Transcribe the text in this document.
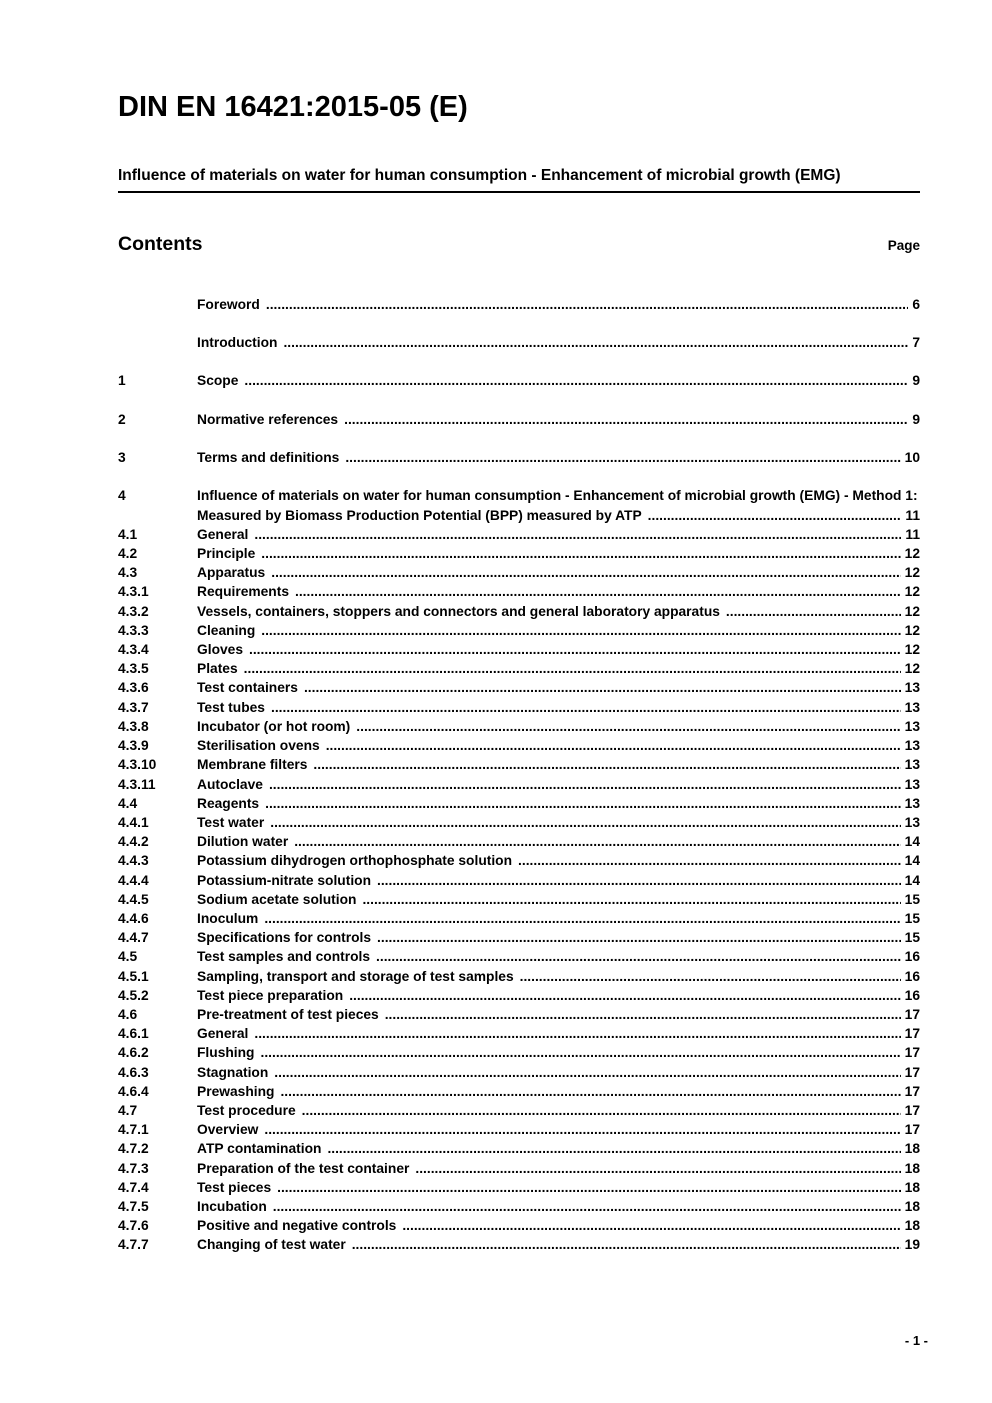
DIN EN 16421:2015-05 (E)
Influence of materials on water for human consumption - Enhancement of microbial growth (EMG)
Contents	Page
Foreword .....	6
Introduction .....	7
1	Scope .....	9
2	Normative references .....	9
3	Terms and definitions .....	10
4	Influence of materials on water for human consumption - Enhancement of microbial growth (EMG) - Method 1: Measured by Biomass Production Potential (BPP) measured by ATP .....	11
4.1	General .....	11
4.2	Principle .....	12
4.3	Apparatus .....	12
4.3.1	Requirements .....	12
4.3.2	Vessels, containers, stoppers and connectors and general laboratory apparatus .....	12
4.3.3	Cleaning .....	12
4.3.4	Gloves .....	12
4.3.5	Plates .....	12
4.3.6	Test containers .....	13
4.3.7	Test tubes .....	13
4.3.8	Incubator (or hot room) .....	13
4.3.9	Sterilisation ovens .....	13
4.3.10	Membrane filters .....	13
4.3.11	Autoclave .....	13
4.4	Reagents .....	13
4.4.1	Test water .....	13
4.4.2	Dilution water .....	14
4.4.3	Potassium dihydrogen orthophosphate solution .....	14
4.4.4	Potassium-nitrate solution .....	14
4.4.5	Sodium acetate solution .....	15
4.4.6	Inoculum .....	15
4.4.7	Specifications for controls .....	15
4.5	Test samples and controls .....	16
4.5.1	Sampling, transport and storage of test samples .....	16
4.5.2	Test piece preparation .....	16
4.6	Pre-treatment of test pieces .....	17
4.6.1	General .....	17
4.6.2	Flushing .....	17
4.6.3	Stagnation .....	17
4.6.4	Prewashing .....	17
4.7	Test procedure .....	17
4.7.1	Overview .....	17
4.7.2	ATP contamination .....	18
4.7.3	Preparation of the test container .....	18
4.7.4	Test pieces .....	18
4.7.5	Incubation .....	18
4.7.6	Positive and negative controls .....	18
4.7.7	Changing of test water .....	19
- 1 -
